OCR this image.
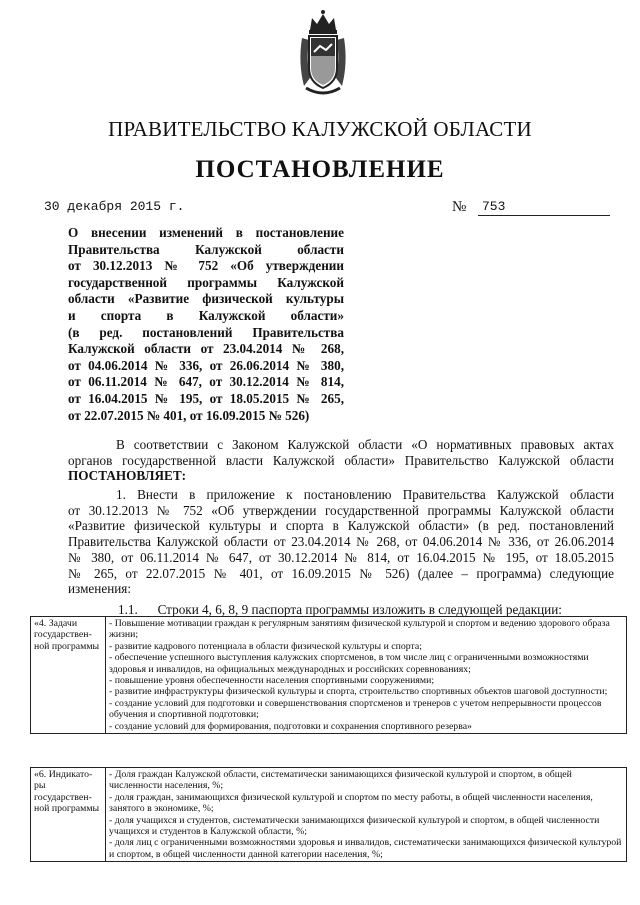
ПРАВИТЕЛЬСТВО КАЛУЖСКОЙ ОБЛАСТИ
ПОСТАНОВЛЕНИЕ
30 декабря 2015 г.	№	753
О внесении изменений в постановление
Правительства Калужской области
от 30.12.2013 № 752 «Об утверждении
государственной программы Калужской
области «Развитие физической культуры
и спорта в Калужской области»
(в ред. постановлений Правительства
Калужской области от 23.04.2014 № 268,
от 04.06.2014 № 336, от 26.06.2014 № 380,
от 06.11.2014 № 647, от 30.12.2014 № 814,
от 16.04.2015 № 195, от 18.05.2015 № 265,
от 22.07.2015 № 401, от 16.09.2015 № 526)
В соответствии с Законом Калужской области «О нормативных правовых актах
органов государственной власти Калужской области» Правительство Калужской области
ПОСТАНОВЛЯЕТ:
1. Внести в приложение к постановлению Правительства Калужской области
от 30.12.2013 № 752 «Об утверждении государственной программы Калужской области
«Развитие физической культуры и спорта в Калужской области» (в ред. постановлений
Правительства Калужской области от 23.04.2014 № 268, от 04.06.2014 № 336, от 26.06.2014
№ 380, от 06.11.2014 № 647, от 30.12.2014 № 814, от 16.04.2015 № 195, от 18.05.2015
№ 265, от 22.07.2015 № 401, от 16.09.2015 № 526) (далее – программа) следующие
изменения:
1.1.      Строки 4, 6, 8, 9 паспорта программы изложить в следующей редакции:
«4. Задачи государствен-ной программы	
- Повышение мотивации граждан к регулярным занятиям физической культурой и спортом и ведению здорового образа жизни;
- развитие кадрового потенциала в области физической культуры и спорта;
- обеспечение успешного выступления калужских спортсменов, в том числе лиц с ограниченными возможностями здоровья и инвалидов, на официальных международных и российских соревнованиях;
- повышение уровня обеспеченности населения спортивными сооружениями;
- развитие инфраструктуры физической культуры и спорта, строительство спортивных объектов шаговой доступности;
- создание условий для подготовки и совершенствования спортсменов и тренеров с учетом непрерывности процессов обучения и спортивной подготовки;
- создание условий для формирования, подготовки и сохранения спортивного резерва»
«6. Индикато-ры государствен-ной программы	
- Доля граждан Калужской области, систематически занимающихся физической культурой и спортом, в общей численности населения, %;
- доля граждан, занимающихся физической культурой и спортом по месту работы, в общей численности населения, занятого в экономике, %;
- доля учащихся и студентов, систематически занимающихся физической культурой и спортом, в общей численности учащихся и студентов в Калужской области, %;
- доля лиц с ограниченными возможностями здоровья и инвалидов, систематически занимающихся физической культурой и спортом, в общей численности данной категории населения, %;
